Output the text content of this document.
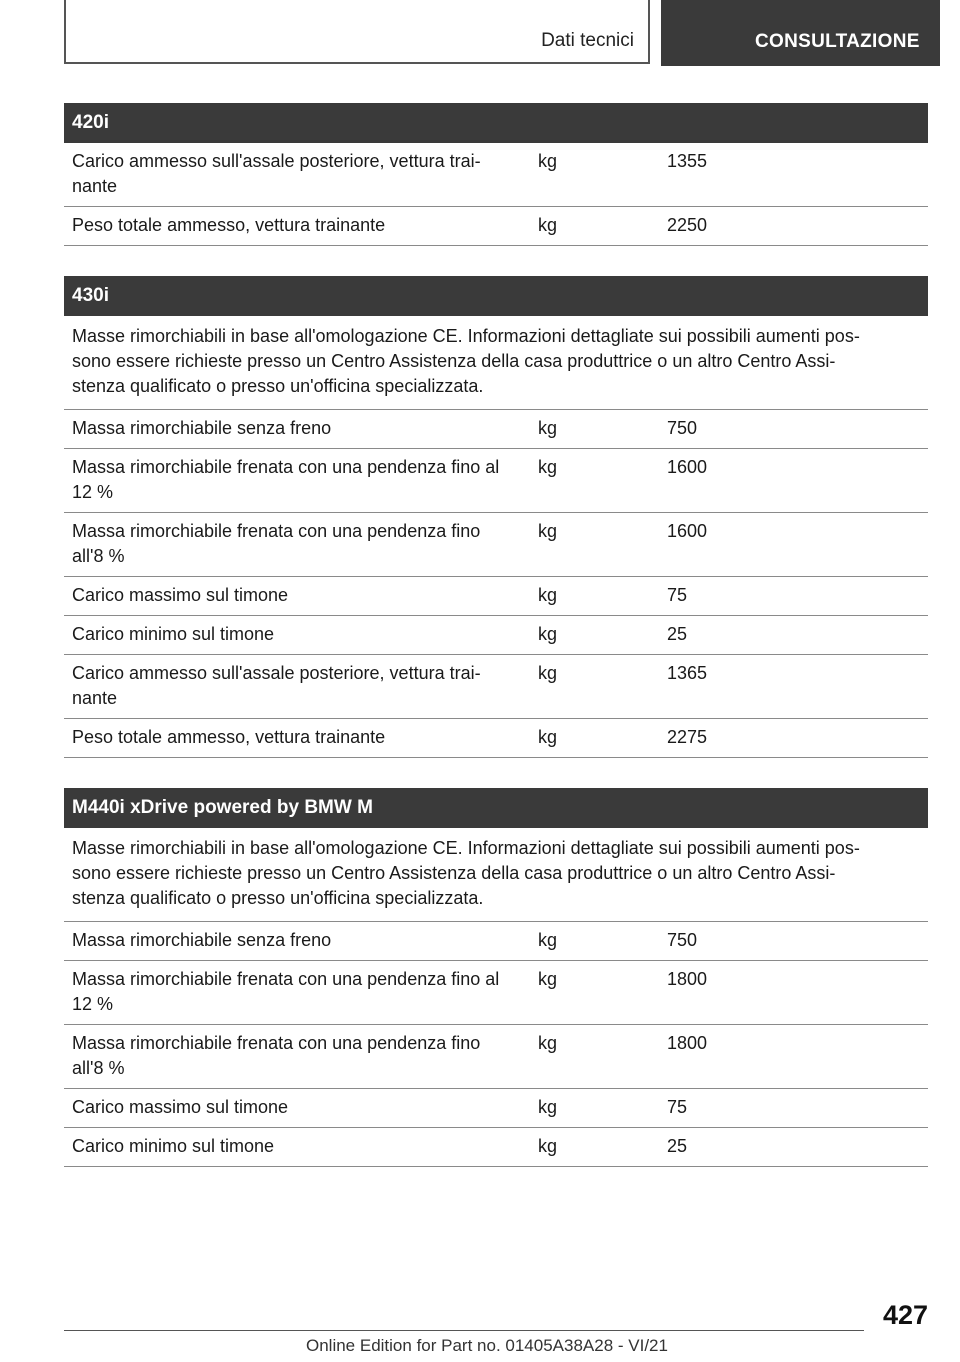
Dati tecnici	CONSULTAZIONE
420i
Carico ammesso sull'assale posteriore, vettura trai-
nante
kg	1355
Peso totale ammesso, vettura trainante	kg	2250
430i
Masse rimorchiabili in base all'omologazione CE. Informazioni dettagliate sui possibili aumenti pos-
sono essere richieste presso un Centro Assistenza della casa produttrice o un altro Centro Assi-
stenza qualificato o presso un'officina specializzata.
Massa rimorchiabile senza freno	kg	750
Massa rimorchiabile frenata con una pendenza fino al
12 %
kg	1600
Massa rimorchiabile frenata con una pendenza fino
all'8 %
kg	1600
Carico massimo sul timone	kg	75
Carico minimo sul timone	kg	25
Carico ammesso sull'assale posteriore, vettura trai-
nante
kg	1365
Peso totale ammesso, vettura trainante	kg	2275
M440i xDrive powered by BMW M
Masse rimorchiabili in base all'omologazione CE. Informazioni dettagliate sui possibili aumenti pos-
sono essere richieste presso un Centro Assistenza della casa produttrice o un altro Centro Assi-
stenza qualificato o presso un'officina specializzata.
Massa rimorchiabile senza freno	kg	750
Massa rimorchiabile frenata con una pendenza fino al
12 %
kg	1800
Massa rimorchiabile frenata con una pendenza fino
all'8 %
kg	1800
Carico massimo sul timone	kg	75
Carico minimo sul timone	kg	25
427
Online Edition for Part no. 01405A38A28 - VI/21
